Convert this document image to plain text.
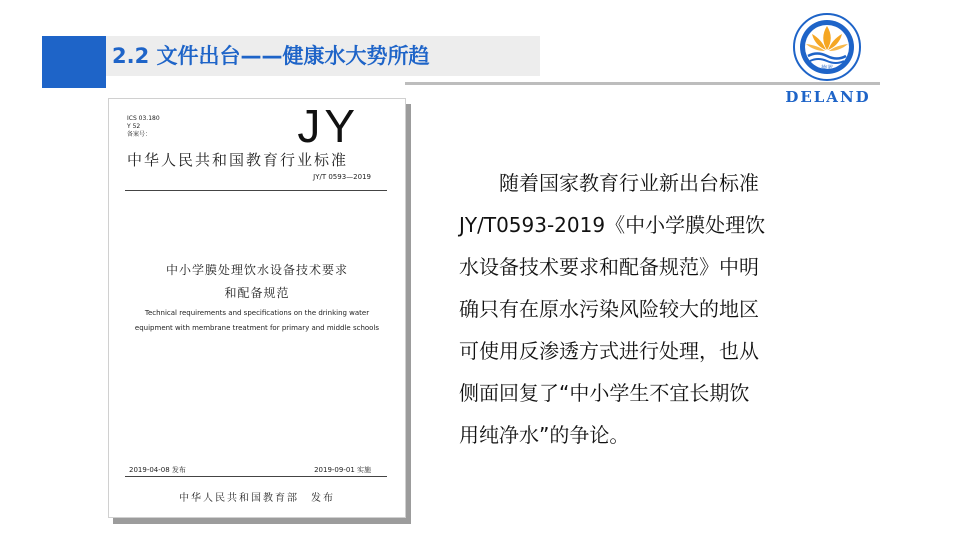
2.2 文件出台——健康水大势所趋
德蓝
DELAND
ICS 03.180
Y 52
备案号：	JY
中华人民共和国教育行业标准
JY/T 0593—2019
中小学膜处理饮水设备技术要求
和配备规范
Technical requirements and specifications on the drinking water
equipment with membrane treatment for primary and middle schools
2019-04-08 发布	2019-09-01 实施
中华人民共和国教育部　发布
　　随着国家教育行业新出台标准
JY/T0593-2019《中小学膜处理饮
水设备技术要求和配备规范》中明
确只有在原水污染风险较大的地区
可使用反渗透方式进行处理，也从
侧面回复了“中小学生不宜长期饮
用纯净水”的争论。
